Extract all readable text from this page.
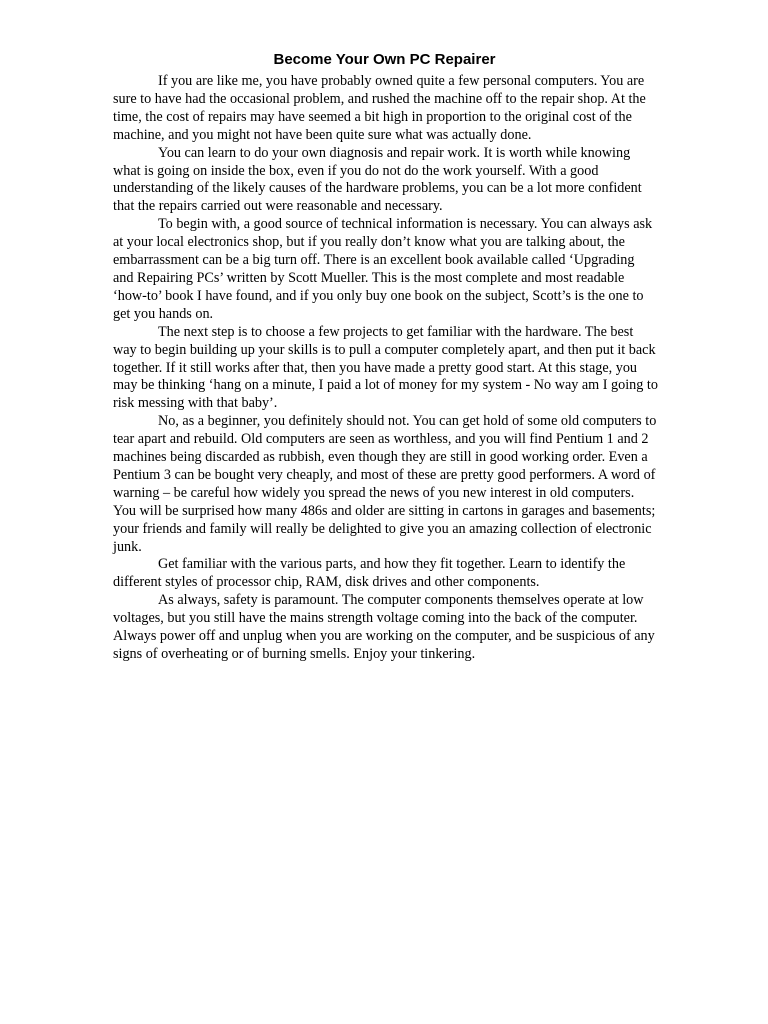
Become Your Own PC Repairer

If you are like me, you have probably owned quite a few personal computers. You are sure to have had the occasional problem, and rushed the machine off to the repair shop. At the time, the cost of repairs may have seemed a bit high in proportion to the original cost of the machine, and you might not have been quite sure what was actually done.

You can learn to do your own diagnosis and repair work. It is worth while knowing what is going on inside the box, even if you do not do the work yourself. With a good understanding of the likely causes of the hardware problems, you can be a lot more confident that the repairs carried out were reasonable and necessary.

To begin with, a good source of technical information is necessary. You can always ask at your local electronics shop, but if you really don’t know what you are talking about, the embarrassment can be a big turn off. There is an excellent book available called ‘Upgrading and Repairing PCs’ written by Scott Mueller. This is the most complete and most readable ‘how-to’ book I have found, and if you only buy one book on the subject, Scott’s is the one to get you hands on.

The next step is to choose a few projects to get familiar with the hardware. The best way to begin building up your skills is to pull a computer completely apart, and then put it back together. If it still works after that, then you have made a pretty good start. At this stage, you may be thinking ‘hang on a minute, I paid a lot of money for my system - No way am I going to risk messing with that baby’.

No, as a beginner, you definitely should not. You can get hold of some old computers to tear apart and rebuild. Old computers are seen as worthless, and you will find Pentium 1 and 2 machines being discarded as rubbish, even though they are still in good working order. Even a Pentium 3 can be bought very cheaply, and most of these are pretty good performers. A word of warning – be careful how widely you spread the news of you new interest in old computers. You will be surprised how many 486s and older are sitting in cartons in garages and basements; your friends and family will really be delighted to give you an amazing collection of electronic junk.

Get familiar with the various parts, and how they fit together. Learn to identify the different styles of processor chip, RAM, disk drives and other components.

As always, safety is paramount. The computer components themselves operate at low voltages, but you still have the mains strength voltage coming into the back of the computer. Always power off and unplug when you are working on the computer, and be suspicious of any signs of overheating or of burning smells. Enjoy your tinkering.
